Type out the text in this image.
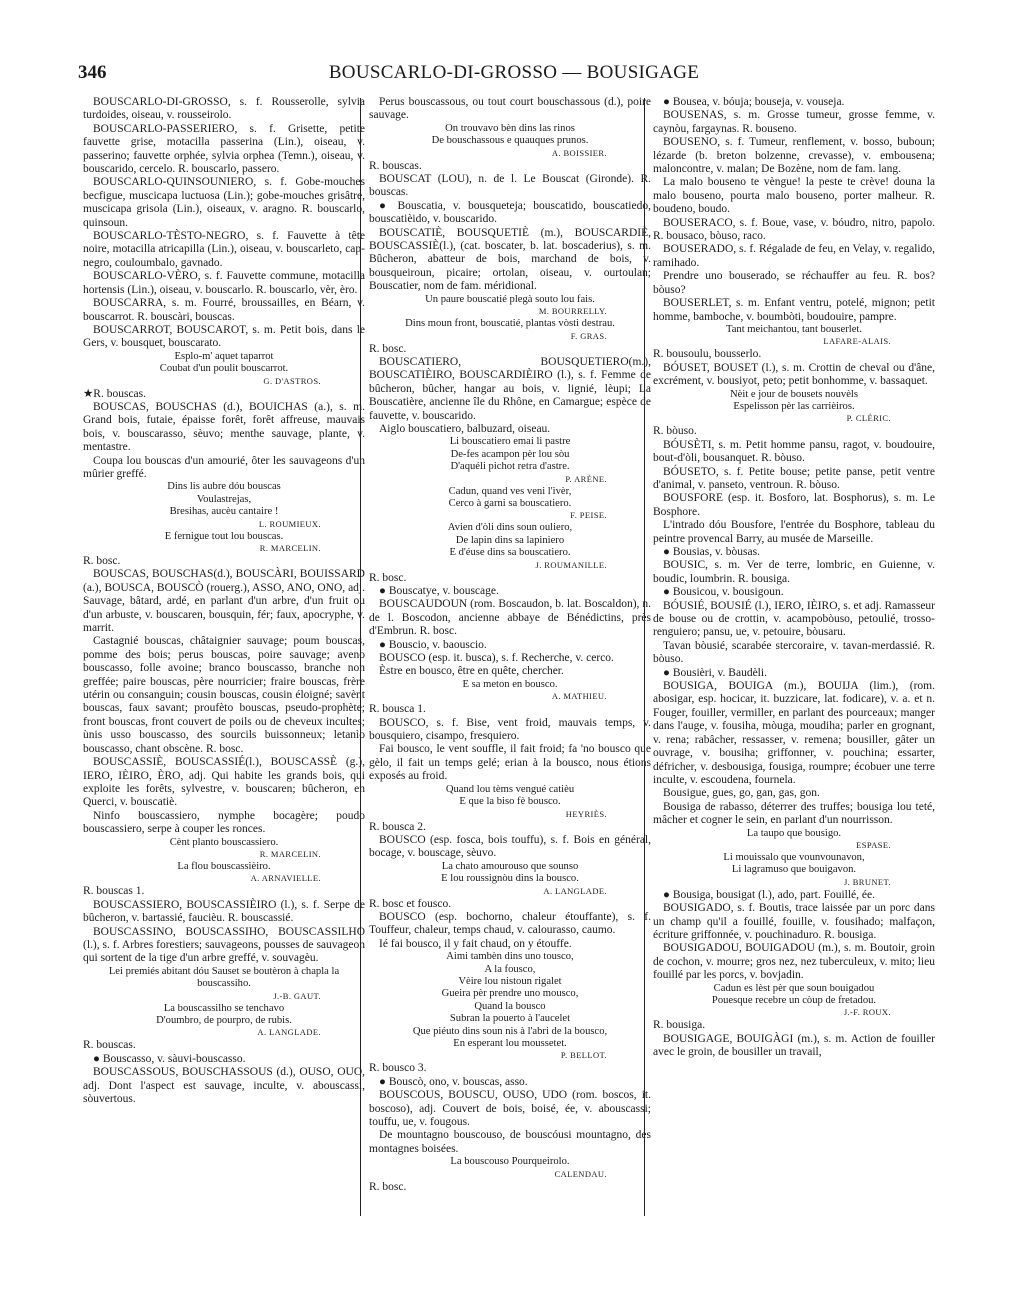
346	BOUSCARLO-DI-GROSSO — BOUSIGAGE
BOUSCARLO-DI-GROSSO, s. f. Rousserolle, sylvia turdoides, oiseau, v. rousseirolo.
BOUSCARLO-PASSERIERO, s. f. Grisette, petite fauvette grise, motacilla passerina (Lin.), oiseau, v. passerino; fauvette orphée, sylvia orphea (Temn.), oiseau, v. bouscarido, cercelo. R. bouscarlo, passero.
BOUSCARLO-QUINSOUNIERO, s. f. Gobe-mouches becfigue, muscicapa luctuosa (Lin.); gobe-mouches grisâtre, muscicapa grisola (Lin.), oiseaux, v. aragno. R. bouscarlo, quinsoun.
BOUSCARLO-TÈSTO-NEGRO, s. f. Fauvette à tête noire, motacilla atricapilla (Lin.), oiseau, v. bouscarleto, cap-negro, couloumbalo, gavnado.
BOUSCARLO-VÈRO, s. f. Fauvette commune, motacilla hortensis (Lin.), oiseau, v. bouscarlo. R. bouscarlo, vèr, èro.
BOUSCARRA, s. m. Fourré, broussailles, en Béarn, v. bouscarrot. R. bouscàri, bouscas.
BOUSCARROT, BOUSCAROT, s. m. Petit bois, dans le Gers, v. bousquet, bouscarato.
Esplo-m' aquet taparrot
Coubat d'un poulit bouscarrot.
G. D'ASTROS.
★R. bouscas.
BOUSCAS, BOUSCHAS (d.), BOUICHAS (a.), s. m. Grand bois, futaie, épaisse forêt, forêt affreuse, mauvais bois, v. bouscarasso, sèuvo; menthe sauvage, plante, v. mentastre.
Coupa lou bouscas d'un amourié, ôter les sauvageons d'un mûrier greffé.
Dins lis aubre dóu bouscas
Voulastrejas,
Bresihas, aucèu cantaire !
L. ROUMIEUX.
E fernigue tout lou bouscas.
R. MARCELIN.
R. bosc.
BOUSCAS, BOUSCHAS(d.), BOUSCÀRI, BOUISSARD (a.), BOUSCA, BOUSCÒ (rouerg.), ASSO, ANO, ONO, adj. Sauvage, bâtard, ardé, en parlant d'un arbre, d'un fruit ou d'un arbuste, v. bouscaren, bousquin, fér; faux, apocryphe, v. marrit.
Castagnié bouscas, châtaignier sauvage; poum bouscas, pomme des bois; perus bouscas, poire sauvage; aveno bouscasso, folle avoine; branco bouscasso, branche non greffée; paire bouscas, père nourricier; fraire bouscas, frère utérin ou consanguin; cousin bouscas, cousin éloigné; savènt bouscas, faux savant; proufèto bouscas, pseudo-prophète; front bouscas, front couvert de poils ou de cheveux incultes; ùnis usso bouscasso, des sourcils buissonneux; letanìo bouscasso, chant obscène. R. bosc.
BOUSCASSIÈ, BOUSCASSIÉ(l.), BOUSCASSÈ (g.), IERO, IÈIRO, ÈRO, adj. Qui habite les grands bois, qui exploite les forêts, sylvestre, v. bouscaren; bûcheron, en Querci, v. bouscatiè.
Ninfo bouscassiero, nymphe bocagère; poudo bouscassiero, serpe à couper les ronces.
Cènt planto bouscassiero.
R. MARCELIN.
La flou bouscassièiro.
A. ARNAVIELLE.
R. bouscas 1.
BOUSCASSIERO, BOUSCASSIÈIRO (l.), s. f. Serpe de bûcheron, v. bartassié, faucièu. R. bouscassié.
BOUSCASSINO, BOUSCASSIHO, BOUSCASSILHO (l.), s. f. Arbres forestiers; sauvageons, pousses de sauvageon qui sortent de la tige d'un arbre greffé, v. souvagèu.
Lei premiés abitant dóu Sauset se boutèron à chapla la bouscassiho.
J.-B. GAUT.
La bouscassilho se tenchavo
D'oumbro, de pourpro, de rubis.
A. LANGLADE.
R. bouscas.
● Bouscasso, v. sàuvi-bouscasso.
BOUSCASSOUS, BOUSCHASSOUS (d.), OUSO, OUO, adj. Dont l'aspect est sauvage, inculte, v. abouscassi, sòuvertous.
Perus bouscassous, ou tout court bouschassous (d.), poire sauvage.
On trouvavo bèn dins las rinos
De bouschassous e quauques prunos.
A. BOISSIER.
R. bouscas.
BOUSCAT (LOU), n. de l. Le Bouscat (Gironde). R. bouscas.
● Bouscatia, v. bousqueteja; bouscatido, bouscatiedo, bouscatièido, v. bouscarido.
BOUSCATIÈ, BOUSQUETIÈ (m.), BOUSCARDIÈ, BOUSCASSIÈ(l.), (cat. boscater, b. lat. boscaderius), s. m. Bûcheron, abatteur de bois, marchand de bois, v. bousqueiroun, picaire; ortolan, oiseau, v. ourtoulan; Bouscatier, nom de fam. méridional.
Un paure bouscatié plegà souto lou fais.
M. BOURRELLY.
Dins moun front, bouscatié, plantas vòsti destrau.
F. GRAS.
R. bosc.
BOUSCATIERO, BOUSQUETIERO(m.), BOUSCATIÈIRO, BOUSCARDIÈIRO (l.), s. f. Femme de bûcheron, bûcher, hangar au bois, v. lignié, lèupi; La Bouscatière, ancienne île du Rhône, en Camargue; espèce de fauvette, v. bouscarido.
Aiglo bouscatiero, balbuzard, oiseau.
Li bouscatiero emai li pastre
De-fes acampon pèr lou sòu
D'aquéli pichot retra d'astre.
P. ARÈNE.
Cadun, quand ves veni l'ivèr,
Cerco à garni sa bouscatiero.
F. PEISE.
Avien d'òli dins soun ouliero,
De lapin dins sa lapiniero
E d'éuse dins sa bouscatiero.
J. ROUMANILLE.
R. bosc.
● Bouscatye, v. bouscage.
BOUSCAUDOUN (rom. Boscaudon, b. lat. Boscaldon), n. de l. Boscodon, ancienne abbaye de Bénédictins, près d'Embrun. R. bosc.
● Bouscio, v. baouscio.
BOUSCO (esp. it. busca), s. f. Recherche, v. cerco.
Èstre en bousco, être en quête, chercher.
E sa meton en bousco.
A. MATHIEU.
R. bousca 1.
BOUSCO, s. f. Bise, vent froid, mauvais temps, v. bousquiero, cisampo, fresquiero.
Fai bousco, le vent souffle, il fait froid; fa 'no bousco que gèlo, il fait un temps gelé; erian à la bousco, nous étions exposés au froid.
Quand lou tèms vengué catièu
E que la biso fè bousco.
HEYRIÈS.
R. bousca 2.
BOUSCO (esp. fosca, bois touffu), s. f. Bois en général, bocage, v. bouscage, sèuvo.
La chato amourouso que sounso
E lou roussignòu dins la bousco.
A. LANGLADE.
R. bosc et fousco.
BOUSCO (esp. bochorno, chaleur étouffante), s. f. Touffeur, chaleur, temps chaud, v. calourasso, caumo.
Ié fai bousco, il y fait chaud, on y étouffe.
Aimi tambèn dins uno tousco,
A la fousco,
Vèire lou nistoun rigalet
Gueira pèr prendre uno mousco,
Quand la bousco
Subran la pouerto à l'aucelet
Que piéuto dins soun nis à l'abri de la bousco,
En esperant lou moussetet.
P. BELLOT.
R. bousco 3.
● Bouscò, ono, v. bouscas, asso.
BOUSCOUS, BOUSCU, OUSO, UDO (rom. boscos, it. boscoso), adj. Couvert de bois, boisé, ée, v. abouscassi; touffu, ue, v. fougous.
De mountagno bouscouso, de bouscóusi mountagno, des montagnes boisées.
La bouscouso Pourqueirolo.
CALENDAU.
R. bosc.
● Bousea, v. bóuja; bouseja, v. vouseja.
BOUSENAS, s. m. Grosse tumeur, grosse femme, v. caynòu, fargaynas. R. bouseno.
BOUSENO, s. f. Tumeur, renflement, v. bosso, buboun; lézarde (b. breton bolzenne, crevasse), v. embousena; maloncontre, v. malan; De Bozène, nom de fam. lang.
La malo bouseno te vèngue! la peste te crève! douna la malo bouseno, pourta malo bouseno, porter malheur. R. boudeno, boudo.
BOUSERACO, s. f. Boue, vase, v. bóudro, nitro, papolo. R. bousaco, bòuso, raco.
BOUSERADO, s. f. Régalade de feu, en Velay, v. regalido, ramihado.
Prendre uno bouserado, se réchauffer au feu. R. bos? bòuso?
BOUSERLET, s. m. Enfant ventru, potelé, mignon; petit homme, bamboche, v. boumbòti, boudouire, pampre.
Tant meichantou, tant bouserlet.
LAFARE-ALAIS.
R. bousoulu, bousserlo.
BÓUSET, BOUSET (l.), s. m. Crottin de cheval ou d'âne, excrément, v. bousiyot, peto; petit bonhomme, v. bassaquet.
Nèit e jour de bousets nouvèls
Espelisson pèr las carrièiros.
P. CLÉRIC.
R. bòuso.
BÓUSÈTI, s. m. Petit homme pansu, ragot, v. boudouire, bout-d'òli, bousanquet. R. bòuso.
BÓUSETO, s. f. Petite bouse; petite panse, petit ventre d'animal, v. panseto, ventroun. R. bòuso.
BOUSFORE (esp. it. Bosforo, lat. Bosphorus), s. m. Le Bosphore.
L'intrado dóu Bousfore, l'entrée du Bosphore, tableau du peintre provencal Barry, au musée de Marseille.
● Bousias, v. bòusas.
BOUSIC, s. m. Ver de terre, lombric, en Guienne, v. boudic, loumbrin. R. bousiga.
● Bousicou, v. bousigoun.
BÓUSIÉ, BOUSIÉ (l.), IERO, IÈIRO, s. et adj. Ramasseur de bouse ou de crottin, v. acampobòuso, petoulié, trosso-renguiero; pansu, ue, v. petouire, bòusaru.
Tavan bòusié, scarabée stercoraire, v. tavan-merdassié. R. bòuso.
● Bousièri, v. Baudèli.
BOUSIGA, BOUIGA (m.), BOUIJA (lim.), (rom. abosigar, esp. hocicar, it. buzzicare, lat. fodicare), v. a. et n. Fouger, fouiller, vermiller, en parlant des pourceaux; manger dans l'auge, v. fousiha, mòuga, moudiha; parler en grognant, v. rena; rabâcher, ressasser, v. remena; bousiller, gâter un ouvrage, v. bousiha; griffonner, v. pouchina; essarter, défricher, v. desbousiga, fousiga, roumpre; écobuer une terre inculte, v. escoudena, fournela.
Bousigue, gues, go, gan, gas, gon.
Bousiga de rabasso, déterrer des truffes; bousiga lou teté, mâcher et cogner le sein, en parlant d'un nourrisson.
La taupo que bousigo.
ESPASE.
Li mouissalo que vounvounavon,
Li lagramuso que bouigavon.
J. BRUNET.
● Bousiga, bousigat (l.), ado, part. Fouillé, ée.
BOUSIGADO, s. f. Boutis, trace laissée par un porc dans un champ qu'il a fouillé, fouille, v. fousihado; malfaçon, écriture griffonnée, v. pouchinaduro. R. bousiga.
BOUSIGADOU, BOUIGADOU (m.), s. m. Boutoir, groin de cochon, v. mourre; gros nez, nez tuberculeux, v. mito; lieu fouillé par les porcs, v. bovjadin.
Cadun es lèst pèr que soun bouigadou
Pouesque recebre un còup de fretadou.
J.-F. ROUX.
R. bousiga.
BOUSIGAGE, BOUIGÀGI (m.), s. m. Action de fouiller avec le groin, de bousiller un travail,
